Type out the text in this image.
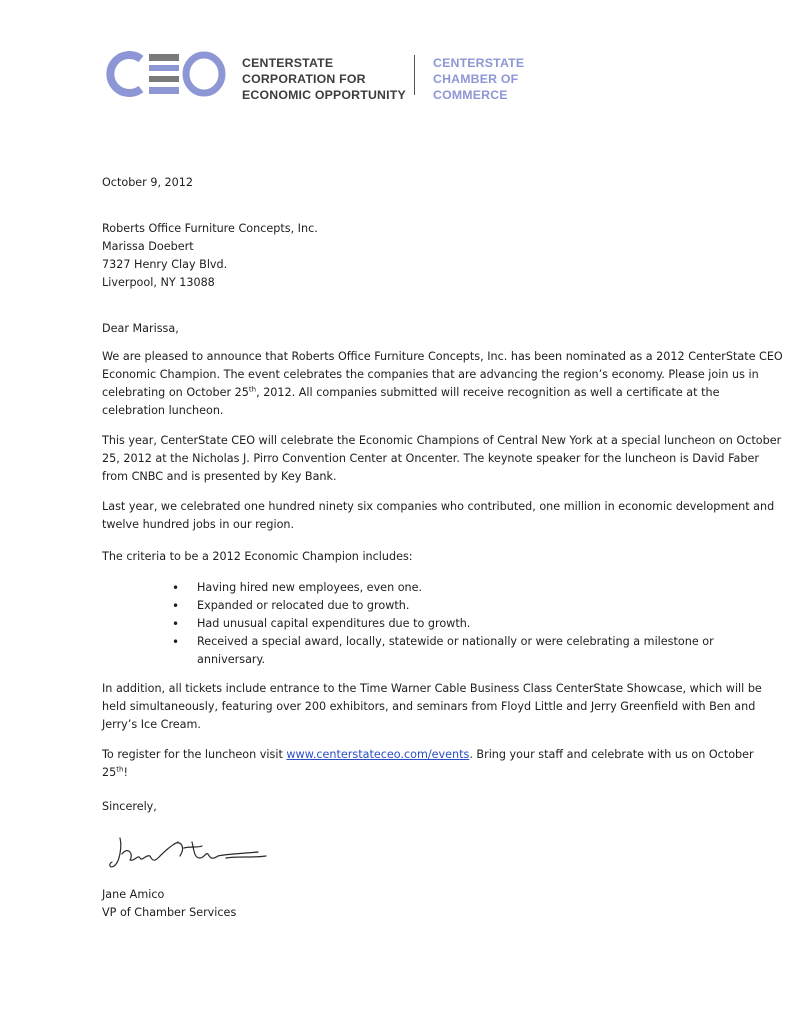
CENTERSTATE
CORPORATION FOR
ECONOMIC OPPORTUNITY
CENTERSTATE
CHAMBER OF
COMMERCE
October 9, 2012
Roberts Office Furniture Concepts, Inc.
Marissa Doebert
7327 Henry Clay Blvd.
Liverpool, NY 13088
Dear Marissa,
We are pleased to announce that Roberts Office Furniture Concepts, Inc. has been nominated as a 2012 CenterState CEO
Economic Champion. The event celebrates the companies that are advancing the region’s economy. Please join us in
celebrating on October 25th, 2012. All companies submitted will receive recognition as well a certificate at the
celebration luncheon.
This year, CenterState CEO will celebrate the Economic Champions of Central New York at a special luncheon on October
25, 2012 at the Nicholas J. Pirro Convention Center at Oncenter. The keynote speaker for the luncheon is David Faber
from CNBC and is presented by Key Bank.
Last year, we celebrated one hundred ninety six companies who contributed, one million in economic development and
twelve hundred jobs in our region.
The criteria to be a 2012 Economic Champion includes:
• Having hired new employees, even one.
• Expanded or relocated due to growth.
• Had unusual capital expenditures due to growth.
• Received a special award, locally, statewide or nationally or were celebrating a milestone or
anniversary.
In addition, all tickets include entrance to the Time Warner Cable Business Class CenterState Showcase, which will be
held simultaneously, featuring over 200 exhibitors, and seminars from Floyd Little and Jerry Greenfield with Ben and
Jerry’s Ice Cream.
To register for the luncheon visit www.centerstateceo.com/events. Bring your staff and celebrate with us on October
25th!
Sincerely,
Jane Amico
VP of Chamber Services
